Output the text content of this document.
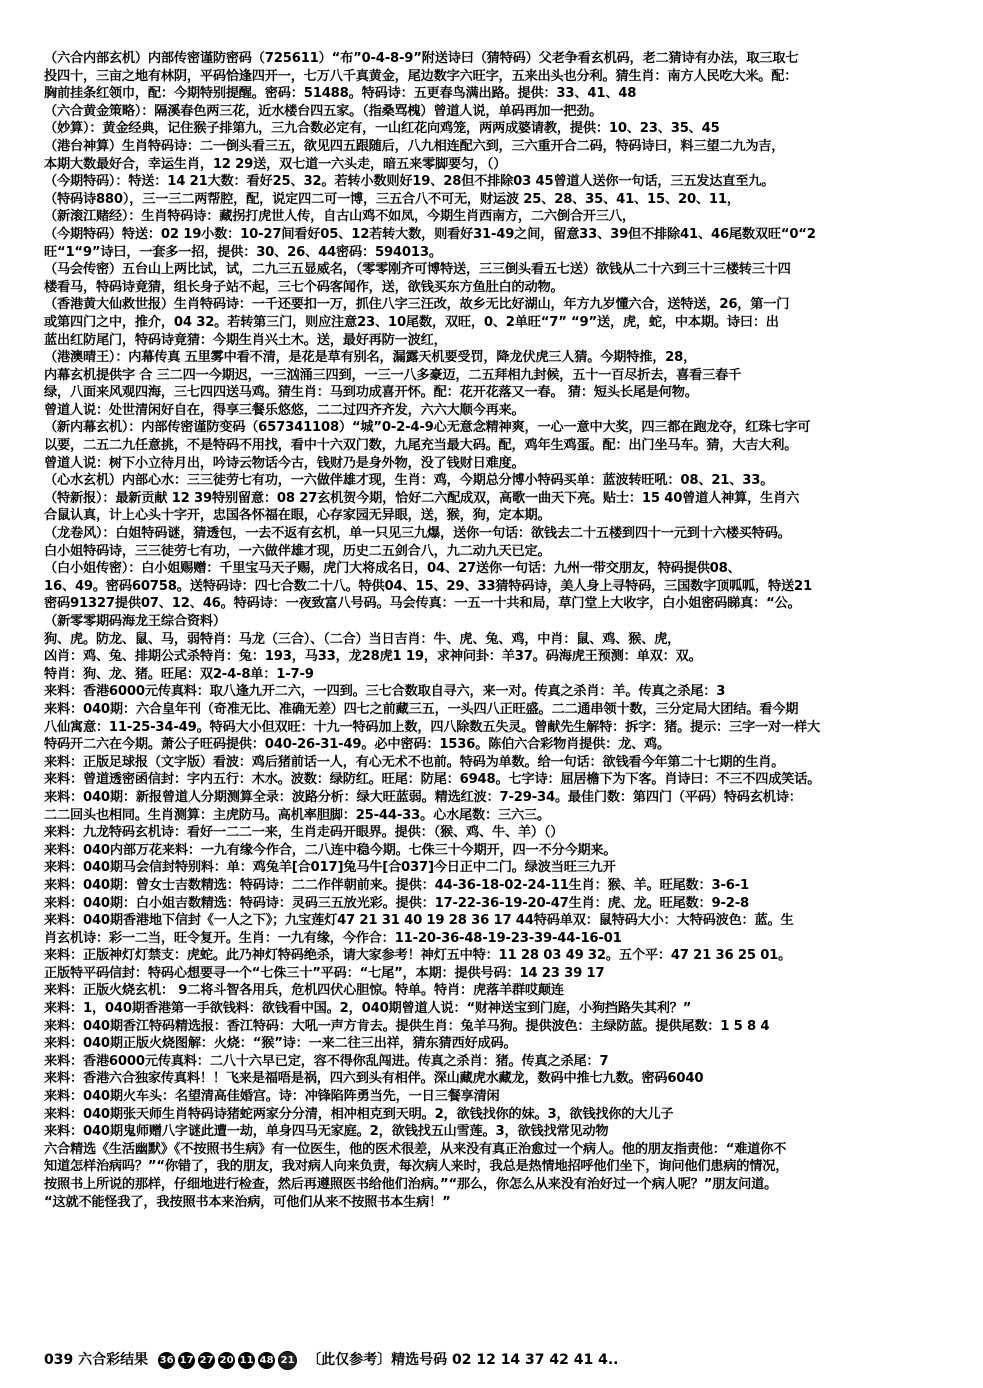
（六合内部玄机）内部传密谨防密码（725611）“布”0-4-8-9”附送诗曰（猜特码）父老争看玄机码，老二猜诗有办法，取三取七
投四十，三亩之地有林阴，平码恰逢四开一，七万八千真黄金，尾边数字六旺字，五来出头也分利。猜生肖：南方人民吃大米。配：
胸前挂条红领巾，配：今期特别提醒。密码：51488。特码诗：五更春鸟满出路。提供：33、41、48
（六合黄金策略）：隔溪春色两三花，近水楼台四五家。（指桑骂槐）曾道人说，单码再加一把劲。
（妙算）：黄金经典，记住猴子排第九，三九合数必定有，一山红花向鸡笼，两两成婆请教，提供：10、23、35、45
（港台神算）生肖特码诗：二一倒头看三五，欲见四五跟随后，八九相连配六到，三六重开合二码，特码诗曰，料三望二九为吉，
本期大数最好合，幸运生肖，12 29送，双七道一六头走，暗五来零脚要匀，（）
（今期特码）：特送：14 21大数：看好25、32。若转小数则好19、28但不排除03 45曾道人送你一句话，三五发达直至九。
（特码诗880），三一三二两帮腔，配，说定四二可一博，三五合八不可无，财运波 25、28、35、41、15、20、11，
（新滚江赌经）：生肖特码诗：藏拐打虎世人传，自古山鸡不如凤，今期生肖西南方，二六倒合开三八，
（今期特码）特送：02 19小数：10-27间看好05、12若转大数，则看好31-49之间，留意33、39但不排除41、46尾数双旺“0“2
旺“1“9”诗曰，一套多一招，提供：30、26、44密码：594013。
（马会传密）五台山上两比试，试，二九三五显威名，（零零刚齐可博特送，三三倒头看五七送）欲钱从二十六到三十三楼转三十四
楼看马，特码诗竟猜，组长身子站不起，三七个码客闻作，送，欲钱买东方鱼肚白的动物。
（香港黄大仙救世报）生肖特码诗：一千还要扣一万，抓住八字三汪改，故乡无比好湖山，年方九岁懂六合，送特送，26，第一门
或第四门之中，推介，04 32。若转第三门，则应注意23、10尾数，双旺，0、2单旺“7” “9”送，虎，蛇，中本期。诗曰：出
蓝出红防尾门，特码诗竟猜：今期生肖兴土木。送，最好再防一波红，
（港澳晴王）：内幕传真 五里雾中看不清，是花是草有别名，漏露天机要受罚，降龙伏虎三人猜。今期特推，28，
内幕玄机提供字 合 三二四一今期迟，一三汹涌三四到，一三一八多豪迈，二五拜相九封候，五十一百尽折去，喜看三春千
绿，八面来风观四海，三七四四送马鸡。猜生肖：马到功成喜开怀。配：花开花落又一春。 猜：短头长尾是何物。
曾道人说：处世清闲好自在，得享三餐乐悠悠，二二过四齐齐发，六六大顺今再来。
（新内幕玄机）：内部传密谨防变码（657341108）“城”0-2-4-9心无意念精神爽，一心一意中大奖，四三都在跑龙夺，红珠七字可
以要，二五二九任意挑，不是特码不用找，看中十六双门数，九尾充当最大码。配，鸡年生鸡蛋。配：出门坐马车。猜，大吉大利。
曾道人说：树下小立待月出，吟诗云物话今古，钱财乃是身外物，没了钱财日难度。
（心水玄机）内部心水：三三徒劳七有功，一六做伴雄才现，生肖：鸡，今期总分博小特码买单：蓝波转旺吼：08、21、33。
（特新报）：最新贡献 12 39特别留意：08 27玄机贺今期，恰好二六配成双，高歌一曲天下亮。贴士：15 40曾道人神算，生肖六
合鼠认真，计上心头十字开，忠国各怀福在眼，心存家园无异眼，送，猴，狗，定本期。
（龙卷风）：白姐特码谜，猜透包，一去不返有玄机，单一只见三九爆，送你一句话：欲钱去二十五楼到四十一元到十六楼买特码。
白小姐特码诗，三三徒劳七有功，一六做伴雄才现，历史二五剑合八，九二动九天已定。
（白小姐传密）：白小姐赐赠：千里宝马天子赐，虎门大将成名日，04、27送你一句话：九州一带交朋友，特码提供08、
16、49。密码60758。送特码诗：四七合数二十八。特供04、15、29、33猜特码诗，美人身上寻特码，三国数字顶呱呱，特送21
密码91327提供07、12、46。特码诗：一夜致富八号码。马会传真：一五一十共和局，草门堂上大收字，白小姐密码睇真：“公。
（新零零期码海龙王综合资料）
狗、虎。防龙、鼠、马，弱特肖：马龙（三合）、（二合）当日吉肖：牛、虎、兔、鸡，中肖：鼠、鸡、猴、虎，
凶肖：鸡、兔、排期公式杀特肖：兔：193，马33，龙28虎1 19，求神问卦：羊37。码海虎王预测：单双：双。
特肖：狗、龙、猪。旺尾：双2-4-8单：1-7-9
来料：香港6000元传真料：取八逢九开二六，一四到。三七合数取自寻六，来一对。传真之杀肖：羊。传真之杀尾：3
来料：040期：六合皇年刊（奇准无比、准确无差）四七之前藏三五，一头四八正旺盛。二二通串领十数，三分定局大团结。看今期
八仙寓意：11-25-34-49。特码大小但双旺：十九一特码加上数，四八除数五失灵。曾献先生解特：拆字：猪。提示：三字一对一样大
特码开二六在今期。萧公子旺码提供：040-26-31-49。必中密码：1536。陈伯六合彩物肖提供：龙、鸡。
来料：正版足球报（文字版）看波：鸡后猪前话一人，有心无术不也前。特码为单数。给一句话：欲钱看今年第二十七期的生肖。
来料：曾道透密函信封：字内五行：木水。波数：绿防红。旺尾：防尾：6948。七字诗：屈居檐下为下客。肖诗曰：不三不四成笑话。
来料：040期：新报曾道人分期测算全录：波路分析：绿大旺蓝弱。精选红波：7-29-34。最佳门数：第四门（平码）特码玄机诗：
二二回头也相同。生肖测算：主虎防马。高机率胆脚：25-44-33。心水尾数：三六三。
来料：九龙特码玄机诗：看好一二二一来，生肖走码开眼界。提供：（猴、鸡、牛、羊）（）
来料：040内部万花来料：一九有缘今作合，二八连中稳今期。七侏三十今期开，四一不分今期来。
来料：040期马会信封特别料：单：鸡兔羊[合017]兔马牛[合037]今日正中二门。绿波当旺三九开
来料：040期：曾女士吉数精选：特码诗：二二作伴朝前来。提供：44-36-18-02-24-11生肖：猴、羊。旺尾数：3-6-1
来料：040期：白小姐吉数精选：特码诗：灵码三五放光彩。提供：17-22-36-19-20-47生肖：虎、龙。旺尾数：9-2-8
来料：040期香港地下信封《一人之下》；九宝莲灯47 21 31 40 19 28 36 17 44特码单双：鼠特码大小：大特码波色：蓝。生
肖玄机诗：彩一二当，旺令复开。生肖：一九有缘，今作合：11-20-36-48-19-23-39-44-16-01
来料：正版神灯灯禁支：虎蛇。此乃神灯特码绝杀，请大家参考！神灯五中特：11 28 03 49 32。五个平：47 21 36 25 01。
正版特平码信封：特码心想要寻一个“七侏三十”平码：“七尾”，本期：提供号码：14 23 39 17
来料：正版火烧玄机： 9二将斗智各用兵，危机四伏心胆惊。特单。特肖：虎落羊群哎颠连
来料：1，040期香港第一手欲钱料：欲钱看中国。2，040期曾道人说：“财神送宝到门庭，小狗挡路失其利？”
来料：040期香江特码精选报：香江特码：大吼一声方肯去。提供生肖：兔羊马狗。提供波色：主绿防蓝。提供尾数：1 5 8 4
来料：040期正版火烧图解：火烧：“猴”诗：一来二往三出祥，猜东猜西好成码。
来料：香港6000元传真料：二八十六早已定，容不得你乱闯进。传真之杀肖：猪。传真之杀尾：7
来料：香港六合独家传真料！！飞来是福唔是祸，四六到头有相伴。深山藏虎水藏龙，数码中推七九数。密码6040
来料：040期火车头：名望清高佳婚宫。诗：冲锋陷阵勇当先，一日三餐享清闲
来料：040期张天师生肖特码诗猪蛇两家分分清，相冲相克到天明。2，欲钱找你的妹。3，欲钱找你的大儿子
来料：040期鬼师赠八字谜此遭一劫，单身四马无家庭。2，欲钱找五山雪莲。3，欲钱找常见动物
六合精选《生活幽默》《不按照书生病》有一位医生，他的医术很差，从来没有真正治愈过一个病人。他的朋友指责他：“难道你不
知道怎样治病吗？”“你错了，我的朋友，我对病人向来负责，每次病人来时，我总是热情地招呼他们坐下，询问他们患病的情况，
按照书上所说的那样，仔细地进行检查，然后再遵照医书给他们治病。”“那么，你怎么从来没有治好过一个病人呢？”朋友问道。
“这就不能怪我了，我按照书本来治病，可他们从来不按照书本生病！”
039 六合彩结果 36 17 27 20 11 48 21 〔此仅参考〕精选号码 02 12 14 37 42 41 4..
